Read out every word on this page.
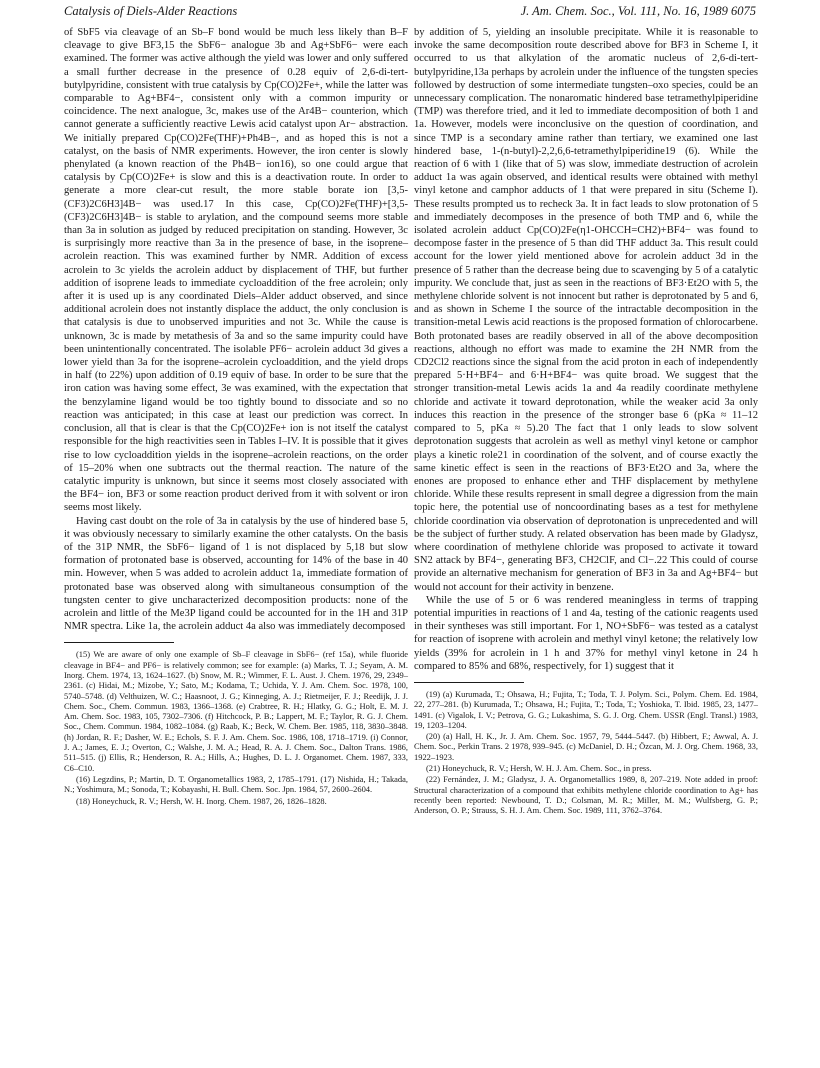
Catalysis of Diels-Alder Reactions	J. Am. Chem. Soc., Vol. 111, No. 16, 1989 6075

of SbF5 via cleavage of an Sb–F bond would be much less likely than B–F cleavage to give BF3,15 the SbF6− analogue 3b and Ag+SbF6− were each examined. The former was active although the yield was lower and only suffered a small further decrease in the presence of 0.28 equiv of 2,6-di-tert-butylpyridine, consistent with true catalysis by Cp(CO)2Fe+, while the latter was comparable to Ag+BF4−, consistent only with a common impurity or coincidence. The next analogue, 3c, makes use of the Ar4B− counterion, which cannot generate a sufficiently reactive Lewis acid catalyst upon Ar− abstraction. We initially prepared Cp(CO)2Fe(THF)+Ph4B−, and as hoped this is not a catalyst, on the basis of NMR experiments. However, the iron center is slowly phenylated (a known reaction of the Ph4B− ion16), so one could argue that catalysis by Cp(CO)2Fe+ is slow and this is a deactivation route. In order to generate a more clear-cut result, the more stable borate ion [3,5-(CF3)2C6H3]4B− was used.17 In this case, Cp(CO)2Fe(THF)+[3,5-(CF3)2C6H3]4B− is stable to arylation, and the compound seems more stable than 3a in solution as judged by reduced precipitation on standing. However, 3c is surprisingly more reactive than 3a in the presence of base, in the isoprene–acrolein reaction. This was examined further by NMR. Addition of excess acrolein to 3c yields the acrolein adduct by displacement of THF, but further addition of isoprene leads to immediate cycloaddition of the free acrolein; only after it is used up is any coordinated Diels–Alder adduct observed, and since additional acrolein does not instantly displace the adduct, the only conclusion is that catalysis is due to unobserved impurities and not 3c. While the cause is unknown, 3c is made by metathesis of 3a and so the same impurity could have been unintentionally concentrated. The isolable PF6− acrolein adduct 3d gives a lower yield than 3a for the isoprene–acrolein cycloaddition, and the yield drops in half (to 22%) upon addition of 0.19 equiv of base. In order to be sure that the iron cation was having some effect, 3e was examined, with the expectation that the benzylamine ligand would be too tightly bound to dissociate and so no reaction was anticipated; in this case at least our prediction was correct. In conclusion, all that is clear is that the Cp(CO)2Fe+ ion is not itself the catalyst responsible for the high reactivities seen in Tables I–IV. It is possible that it gives rise to low cycloaddition yields in the isoprene–acrolein reactions, on the order of 15–20% when one subtracts out the thermal reaction. The nature of the catalytic impurity is unknown, but since it seems most closely associated with the BF4− ion, BF3 or some reaction product derived from it with solvent or iron seems most likely.

Having cast doubt on the role of 3a in catalysis by the use of hindered base 5, it was obviously necessary to similarly examine the other catalysts. On the basis of the 31P NMR, the SbF6− ligand of 1 is not displaced by 5,18 but slow formation of protonated base is observed, accounting for 14% of the base in 40 min. However, when 5 was added to acrolein adduct 1a, immediate formation of protonated base was observed along with simultaneous consumption of the tungsten center to give uncharacterized decomposition products: none of the acrolein and little of the Me3P ligand could be accounted for in the 1H and 31P NMR spectra. Like 1a, the acrolein adduct 4a also was immediately decomposed

(15) We are aware of only one example of Sb–F cleavage in SbF6− (ref 15a), while fluoride cleavage in BF4− and PF6− is relatively common; see for example: (a) Marks, T. J.; Seyam, A. M. Inorg. Chem. 1974, 13, 1624–1627. (b) Snow, M. R.; Wimmer, F. L. Aust. J. Chem. 1976, 29, 2349–2361. (c) Hidai, M.; Mizobe, Y.; Sato, M.; Kodama, T.; Uchida, Y. J. Am. Chem. Soc. 1978, 100, 5740–5748. (d) Velthuizen, W. C.; Haasnoot, J. G.; Kinneging, A. J.; Rietmeijer, F. J.; Reedijk, J. J. Chem. Soc., Chem. Commun. 1983, 1366–1368. (e) Crabtree, R. H.; Hlatky, G. G.; Holt, E. M. J. Am. Chem. Soc. 1983, 105, 7302–7306. (f) Hitchcock, P. B.; Lappert, M. F.; Taylor, R. G. J. Chem. Soc., Chem. Commun. 1984, 1082–1084. (g) Raab, K.; Beck, W. Chem. Ber. 1985, 118, 3830–3848. (h) Jordan, R. F.; Dasher, W. E.; Echols, S. F. J. Am. Chem. Soc. 1986, 108, 1718–1719. (i) Connor, J. A.; James, E. J.; Overton, C.; Walshe, J. M. A.; Head, R. A. J. Chem. Soc., Dalton Trans. 1986, 511–515. (j) Ellis, R.; Henderson, R. A.; Hills, A.; Hughes, D. L. J. Organomet. Chem. 1987, 333, C6–C10.

(16) Legzdins, P.; Martin, D. T. Organometallics 1983, 2, 1785–1791. (17) Nishida, H.; Takada, N.; Yoshimura, M.; Sonoda, T.; Kobayashi, H. Bull. Chem. Soc. Jpn. 1984, 57, 2600–2604.

(18) Honeychuck, R. V.; Hersh, W. H. Inorg. Chem. 1987, 26, 1826–1828.

by addition of 5, yielding an insoluble precipitate. While it is reasonable to invoke the same decomposition route described above for BF3 in Scheme I, it occurred to us that alkylation of the aromatic nucleus of 2,6-di-tert-butylpyridine,13a perhaps by acrolein under the influence of the tungsten species followed by destruction of some intermediate tungsten–oxo species, could be an unnecessary complication. The nonaromatic hindered base tetramethylpiperidine (TMP) was therefore tried, and it led to immediate decomposition of both 1 and 1a. However, models were inconclusive on the question of coordination, and since TMP is a secondary amine rather than tertiary, we examined one last hindered base, 1-(n-butyl)-2,2,6,6-tetramethylpiperidine19 (6). While the reaction of 6 with 1 (like that of 5) was slow, immediate destruction of acrolein adduct 1a was again observed, and identical results were obtained with methyl vinyl ketone and camphor adducts of 1 that were prepared in situ (Scheme I). These results prompted us to recheck 3a. It in fact leads to slow protonation of 5 and immediately decomposes in the presence of both TMP and 6, while the isolated acrolein adduct Cp(CO)2Fe(η1-OHCCH=CH2)+BF4− was found to decompose faster in the presence of 5 than did THF adduct 3a. This result could account for the lower yield mentioned above for acrolein adduct 3d in the presence of 5 rather than the decrease being due to scavenging by 5 of a catalytic impurity. We conclude that, just as seen in the reactions of BF3·Et2O with 5, the methylene chloride solvent is not innocent but rather is deprotonated by 5 and 6, and as shown in Scheme I the source of the intractable decomposition in the transition-metal Lewis acid reactions is the proposed formation of chlorocarbene. Both protonated bases are readily observed in all of the above decomposition reactions, although no effort was made to examine the 2H NMR from the CD2Cl2 reactions since the signal from the acid proton in each of independently prepared 5·H+BF4− and 6·H+BF4− was quite broad. We suggest that the stronger transition-metal Lewis acids 1a and 4a readily coordinate methylene chloride and activate it toward deprotonation, while the weaker acid 3a only induces this reaction in the presence of the stronger base 6 (pKa ≈ 11–12 compared to 5, pKa ≈ 5).20 The fact that 1 only leads to slow solvent deprotonation suggests that acrolein as well as methyl vinyl ketone or camphor plays a kinetic role21 in coordination of the solvent, and of course exactly the same kinetic effect is seen in the reactions of BF3·Et2O and 3a, where the enones are proposed to enhance ether and THF displacement by methylene chloride. While these results represent in small degree a digression from the main topic here, the potential use of noncoordinating bases as a test for methylene chloride coordination via observation of deprotonation is unprecedented and will be the subject of further study. A related observation has been made by Gladysz, where coordination of methylene chloride was proposed to activate it toward SN2 attack by BF4−, generating BF3, CH2ClF, and Cl−.22 This could of course provide an alternative mechanism for generation of BF3 in 3a and Ag+BF4− but would not account for their activity in benzene.

While the use of 5 or 6 was rendered meaningless in terms of trapping potential impurities in reactions of 1 and 4a, testing of the cationic reagents used in their syntheses was still important. For 1, NO+SbF6− was tested as a catalyst for reaction of isoprene with acrolein and methyl vinyl ketone; the relatively low yields (39% for acrolein in 1 h and 37% for methyl vinyl ketone in 24 h compared to 85% and 68%, respectively, for 1) suggest that it

(19) (a) Kurumada, T.; Ohsawa, H.; Fujita, T.; Toda, T. J. Polym. Sci., Polym. Chem. Ed. 1984, 22, 277–281. (b) Kurumada, T.; Ohsawa, H.; Fujita, T.; Toda, T.; Yoshioka, T. Ibid. 1985, 23, 1477–1491. (c) Vigalok, I. V.; Petrova, G. G.; Lukashima, S. G. J. Org. Chem. USSR (Engl. Transl.) 1983, 19, 1203–1204.

(20) (a) Hall, H. K., Jr. J. Am. Chem. Soc. 1957, 79, 5444–5447. (b) Hibbert, F.; Awwal, A. J. Chem. Soc., Perkin Trans. 2 1978, 939–945. (c) McDaniel, D. H.; Özcan, M. J. Org. Chem. 1968, 33, 1922–1923.

(21) Honeychuck, R. V.; Hersh, W. H. J. Am. Chem. Soc., in press.

(22) Fernández, J. M.; Gladysz, J. A. Organometallics 1989, 8, 207–219. Note added in proof: Structural characterization of a compound that exhibits methylene chloride coordination to Ag+ has recently been reported: Newbound, T. D.; Colsman, M. R.; Miller, M. M.; Wulfsberg, G. P.; Anderson, O. P.; Strauss, S. H. J. Am. Chem. Soc. 1989, 111, 3762–3764.
